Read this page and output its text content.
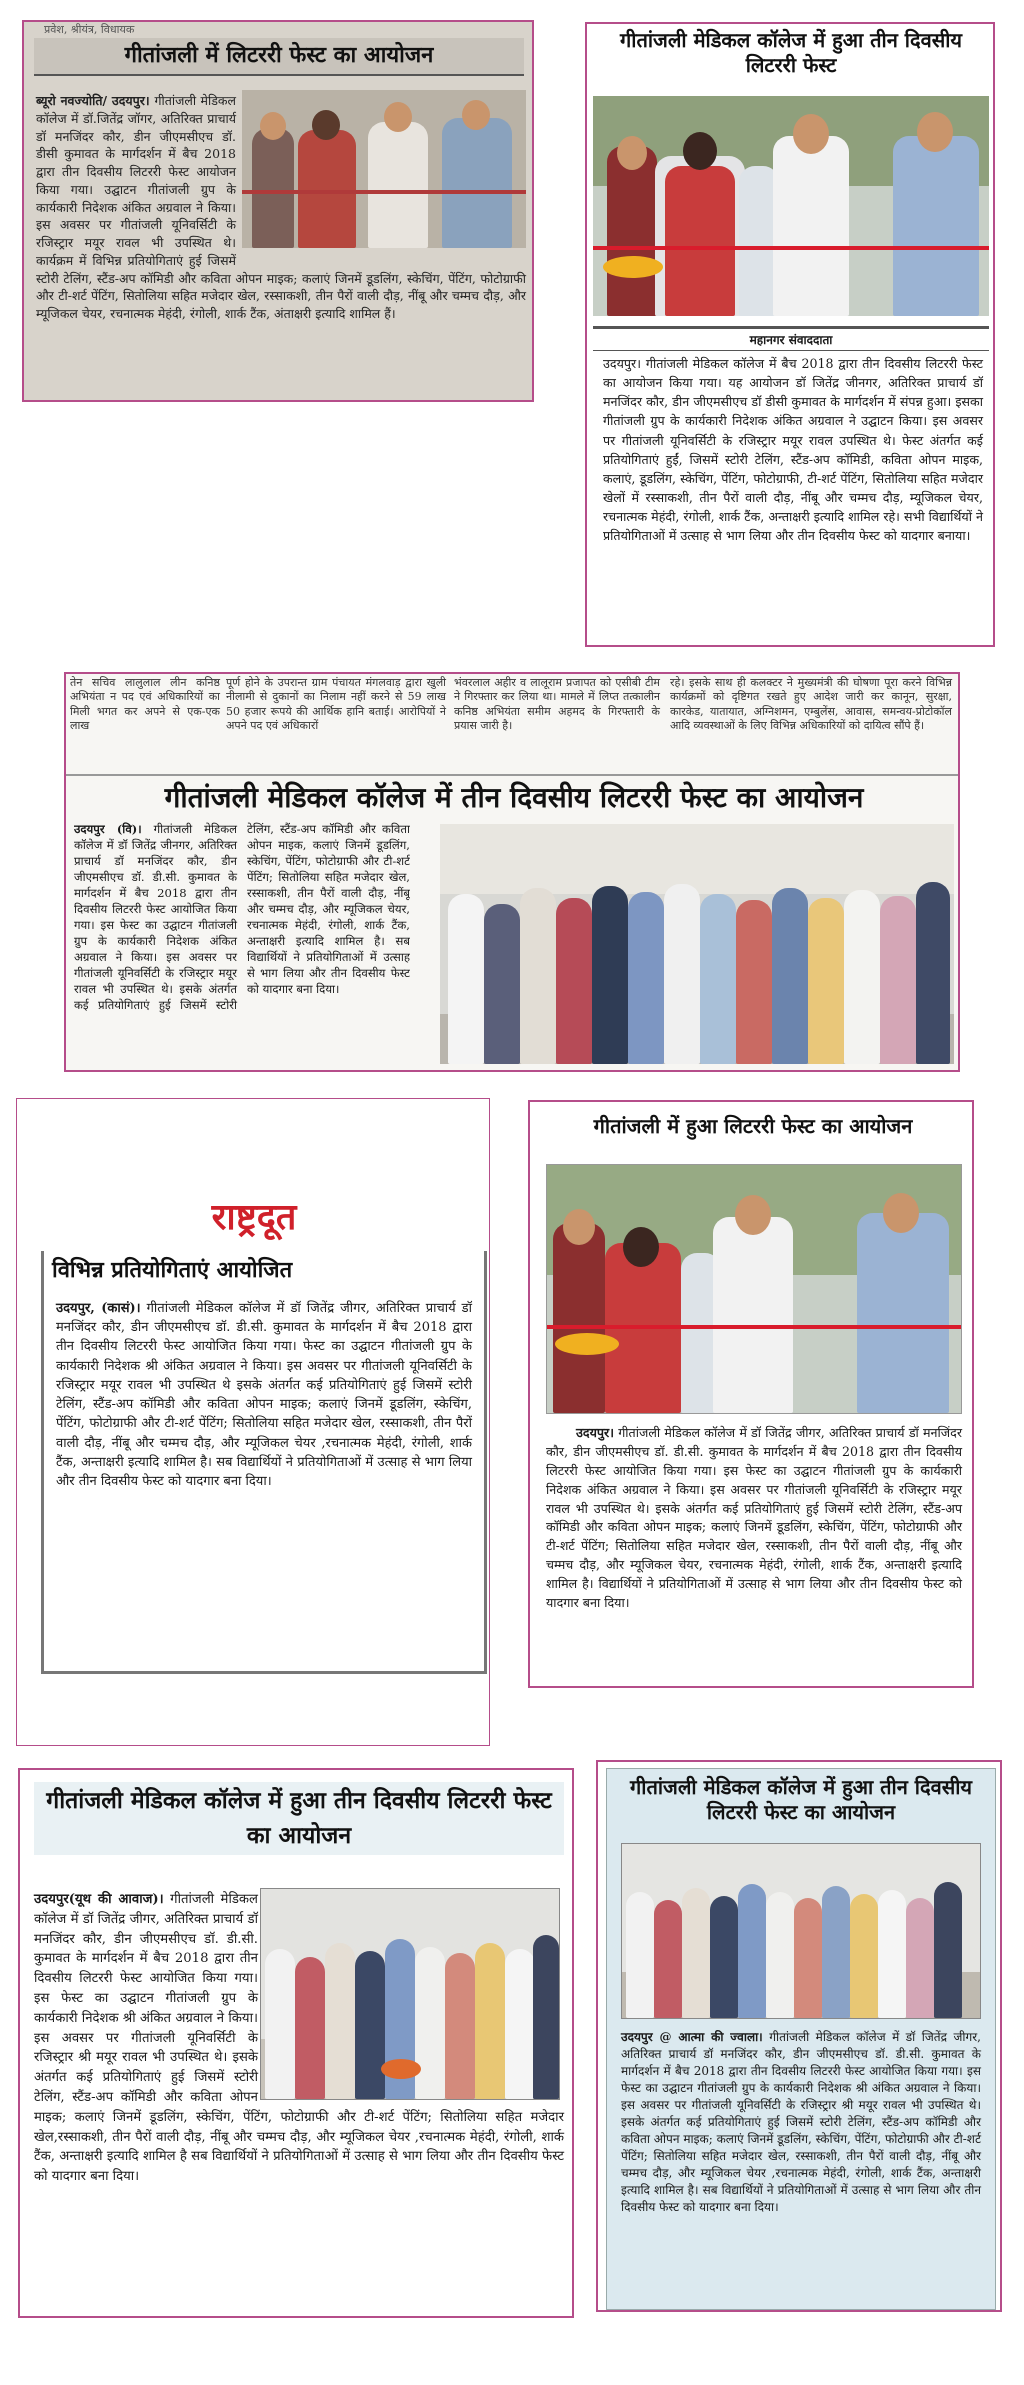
प्रवेश, श्रीयंत्र, विधायक
गीतांजली में लिटररी फेस्ट का आयोजन
ब्यूरो नवज्योति/ उदयपुर। गीतांजली मेडिकल कॉलेज में डॉ.जितेंद्र जॉगर, अतिरिक्त प्राचार्य डॉ मनजिंदर कौर, डीन जीएमसीएच डॉ. डीसी कुमावत के मार्गदर्शन में बैच 2018 द्वारा तीन दिवसीय लिटररी फेस्ट आयोजन किया गया। उद्घाटन गीतांजली ग्रुप के कार्यकारी निदेशक अंकित अग्रवाल ने किया। इस अवसर पर गीतांजली यूनिवर्सिटी के रजिस्ट्रार मयूर रावल भी उपस्थित थे। कार्यक्रम में विभिन्न प्रतियोगिताएं हुई जिसमें स्टोरी टेलिंग, स्टैंड-अप कॉमिडी और कविता ओपन माइक; कलाएं जिनमें डूडलिंग, स्केचिंग, पेंटिंग, फोटोग्राफी और टी-शर्ट पेंटिंग, सितोलिया सहित मजेदार खेल, रस्साकशी, तीन पैरों वाली दौड़, नींबू और चम्मच दौड़, और म्यूजिकल चेयर, रचनात्मक मेहंदी, रंगोली, शार्क टैंक, अंताक्षरी इत्यादि शामिल हैं।
गीतांजली मेडिकल कॉलेज में हुआ तीन दिवसीय लिटररी फेस्ट
महानगर संवाददाता
उदयपुर। गीतांजली मेडिकल कॉलेज में बैच 2018 द्वारा तीन दिवसीय लिटररी फेस्ट का आयोजन किया गया। यह आयोजन डॉ जितेंद्र जीनगर, अतिरिक्त प्राचार्य डॉ मनजिंदर कौर, डीन जीएमसीएच डॉ डीसी कुमावत के मार्गदर्शन में संपन्न हुआ। इसका गीतांजली ग्रुप के कार्यकारी निदेशक अंकित अग्रवाल ने उद्घाटन किया। इस अवसर पर गीतांजली यूनिवर्सिटी के रजिस्ट्रार मयूर रावल उपस्थित थे। फेस्ट अंतर्गत कई प्रतियोगिताएं हुईं, जिसमें स्टोरी टेलिंग, स्टैंड-अप कॉमिडी, कविता ओपन माइक, कलाएं, डूडलिंग, स्केचिंग, पेंटिंग, फोटोग्राफी, टी-शर्ट पेंटिंग, सितोलिया सहित मजेदार खेलों में रस्साकशी, तीन पैरों वाली दौड़, नींबू और चम्मच दौड़, म्यूजिकल चेयर, रचनात्मक मेहंदी, रंगोली, शार्क टैंक, अन्ताक्षरी इत्यादि शामिल रहे। सभी विद्यार्थियों ने प्रतियोगिताओं में उत्साह से भाग लिया और तीन दिवसीय फेस्ट को यादगार बनाया।
तेन सचिव लालुलाल लीन कनिष्ठ अभियंता न पद एवं अधिकारियों का मिली भगत कर अपने से एक-एक लाख
पूर्ण होने के उपरान्त ग्राम पंचायत मंगलवाड़ द्वारा खुली नीलामी से दुकानों का निलाम नहीं करने से 59 लाख 50 हजार रूपये की आर्थिक हानि बताई। आरोपियों ने अपने पद एवं अधिकारों
भंवरलाल अहीर व लालूराम प्रजापत को एसीबी टीम ने गिरफ्तार कर लिया था। मामले में लिप्त तत्कालीन कनिष्ठ अभियंता समीम अहमद के गिरफ्तारी के प्रयास जारी है।
रहे। इसके साथ ही कलक्टर ने मुख्यमंत्री की घोषणा पूरा करने विभिन्न कार्यक्रमों को दृष्टिगत रखते हुए आदेश जारी कर कानून, सुरक्षा, कारकेड, यातायात, अग्निशमन, एम्बुलेंस, आवास, समन्वय-प्रोटोकॉल आदि व्यवस्थाओं के लिए विभिन्न अधिकारियों को दायित्व सौंपे हैं।
गीतांजली मेडिकल कॉलेज में तीन दिवसीय लिटररी फेस्ट का आयोजन
उदयपुर (वि)। गीतांजली मेडिकल कॉलेज में डॉ जितेंद्र जीनगर, अतिरिक्त प्राचार्य डॉ मनजिंदर कौर, डीन जीएमसीएच डॉ. डी.सी. कुमावत के मार्गदर्शन में बैच 2018 द्वारा तीन दिवसीय लिटररी फेस्ट आयोजित किया गया। इस फेस्ट का उद्घाटन गीतांजली ग्रुप के कार्यकारी निदेशक अंकित अग्रवाल ने किया। इस अवसर पर गीतांजली यूनिवर्सिटी के रजिस्ट्रार मयूर रावल भी उपस्थित थे। इसके अंतर्गत कई प्रतियोगिताएं हुई जिसमें स्टोरी टेलिंग, स्टैंड-अप कॉमिडी और कविता ओपन माइक, कलाएं जिनमें डूडलिंग, स्केचिंग, पेंटिंग, फोटोग्राफी और टी-शर्ट पेंटिंग; सितोलिया सहित मजेदार खेल, रस्साकशी, तीन पैरों वाली दौड़, नींबू और चम्मच दौड़, और म्यूजिकल चेयर, रचनात्मक मेहंदी, रंगोली, शार्क टैंक, अन्ताक्षरी इत्यादि शामिल है। सब विद्यार्थियों ने प्रतियोगिताओं में उत्साह से भाग लिया और तीन दिवसीय फेस्ट को यादगार बना दिया।
राष्ट्रदूत
विभिन्न प्रतियोगिताएं आयोजित
उदयपुर, (कासं)। गीतांजली मेडिकल कॉलेज में डॉ जितेंद्र जीगर, अतिरिक्त प्राचार्य डॉ मनजिंदर कौर, डीन जीएमसीएच डॉ. डी.सी. कुमावत के मार्गदर्शन में बैच 2018 द्वारा तीन दिवसीय लिटररी फेस्ट आयोजित किया गया। फेस्ट का उद्घाटन गीतांजली ग्रुप के कार्यकारी निदेशक श्री अंकित अग्रवाल ने किया। इस अवसर पर गीतांजली यूनिवर्सिटी के रजिस्ट्रार मयूर रावल भी उपस्थित थे इसके अंतर्गत कई प्रतियोगिताएं हुई जिसमें स्टोरी टेलिंग, स्टैंड-अप कॉमिडी और कविता ओपन माइक; कलाएं जिनमें डूडलिंग, स्केचिंग, पेंटिंग, फोटोग्राफी और टी-शर्ट पेंटिंग; सितोलिया सहित मजेदार खेल, रस्साकशी, तीन पैरों वाली दौड़, नींबू और चम्मच दौड़, और म्यूजिकल चेयर ,रचनात्मक मेहंदी, रंगोली, शार्क टैंक, अन्ताक्षरी इत्यादि शामिल है। सब विद्यार्थियों ने प्रतियोगिताओं में उत्साह से भाग लिया और तीन दिवसीय फेस्ट को यादगार बना दिया।
गीतांजली में हुआ लिटररी फेस्ट का आयोजन
उदयपुर। गीतांजली मेडिकल कॉलेज में डॉ जितेंद्र जीगर, अतिरिक्त प्राचार्य डॉ मनजिंदर कौर, डीन जीएमसीएच डॉ. डी.सी. कुमावत के मार्गदर्शन में बैच 2018 द्वारा तीन दिवसीय लिटररी फेस्ट आयोजित किया गया। इस फेस्ट का उद्घाटन गीतांजली ग्रुप के कार्यकारी निदेशक अंकित अग्रवाल ने किया। इस अवसर पर गीतांजली यूनिवर्सिटी के रजिस्ट्रार मयूर रावल भी उपस्थित थे। इसके अंतर्गत कई प्रतियोगिताएं हुई जिसमें स्टोरी टेलिंग, स्टैंड-अप कॉमिडी और कविता ओपन माइक; कलाएं जिनमें डूडलिंग, स्केचिंग, पेंटिंग, फोटोग्राफी और टी-शर्ट पेंटिंग; सितोलिया सहित मजेदार खेल, रस्साकशी, तीन पैरों वाली दौड़, नींबू और चम्मच दौड़, और म्यूजिकल चेयर, रचनात्मक मेहंदी, रंगोली, शार्क टैंक, अन्ताक्षरी इत्यादि शामिल है। विद्यार्थियों ने प्रतियोगिताओं में उत्साह से भाग लिया और तीन दिवसीय फेस्ट को यादगार बना दिया।
गीतांजली मेडिकल कॉलेज में हुआ तीन दिवसीय लिटररी फेस्ट का आयोजन
उदयपुर(यूथ की आवाज)। गीतांजली मेडिकल कॉलेज में डॉ जितेंद्र जीगर, अतिरिक्त प्राचार्य डॉ मनजिंदर कौर, डीन जीएमसीएच डॉ. डी.सी. कुमावत के मार्गदर्शन में बैच 2018 द्वारा तीन दिवसीय लिटररी फेस्ट आयोजित किया गया। इस फेस्ट का उद्घाटन गीतांजली ग्रुप के कार्यकारी निदेशक श्री अंकित अग्रवाल ने किया। इस अवसर पर गीतांजली यूनिवर्सिटी के रजिस्ट्रार श्री मयूर रावल भी उपस्थित थे। इसके अंतर्गत कई प्रतियोगिताएं हुई जिसमें स्टोरी टेलिंग, स्टैंड-अप कॉमिडी और कविता ओपन माइक; कलाएं जिनमें डूडलिंग, स्केचिंग, पेंटिंग, फोटोग्राफी और टी-शर्ट पेंटिंग; सितोलिया सहित मजेदार खेल,रस्साकशी, तीन पैरों वाली दौड़, नींबू और चम्मच दौड़, और म्यूजिकल चेयर ,रचनात्मक मेहंदी, रंगोली, शार्क टैंक, अन्ताक्षरी इत्यादि शामिल है सब विद्यार्थियों ने प्रतियोगिताओं में उत्साह से भाग लिया और तीन दिवसीय फेस्ट को यादगार बना दिया।
गीतांजली मेडिकल कॉलेज में हुआ तीन दिवसीय लिटररी फेस्ट का आयोजन
उदयपुर @ आत्मा की ज्वाला। गीतांजली मेडिकल कॉलेज में डॉ जितेंद्र जीगर, अतिरिक्त प्राचार्य डॉ मनजिंदर कौर, डीन जीएमसीएच डॉ. डी.सी. कुमावत के मार्गदर्शन में बैच 2018 द्वारा तीन दिवसीय लिटररी फेस्ट आयोजित किया गया। इस फेस्ट का उद्घाटन गीतांजली ग्रुप के कार्यकारी निदेशक श्री अंकित अग्रवाल ने किया। इस अवसर पर गीतांजली यूनिवर्सिटी के रजिस्ट्रार श्री मयूर रावल भी उपस्थित थे। इसके अंतर्गत कई प्रतियोगिताएं हुई जिसमें स्टोरी टेलिंग, स्टैंड-अप कॉमिडी और कविता ओपन माइक; कलाएं जिनमें डूडलिंग, स्केचिंग, पेंटिंग, फोटोग्राफी और टी-शर्ट पेंटिंग; सितोलिया सहित मजेदार खेल, रस्साकशी, तीन पैरों वाली दौड़, नींबू और चम्मच दौड़, और म्यूजिकल चेयर ,रचनात्मक मेहंदी, रंगोली, शार्क टैंक, अन्ताक्षरी इत्यादि शामिल है। सब विद्यार्थियों ने प्रतियोगिताओं में उत्साह से भाग लिया और तीन दिवसीय फेस्ट को यादगार बना दिया।
